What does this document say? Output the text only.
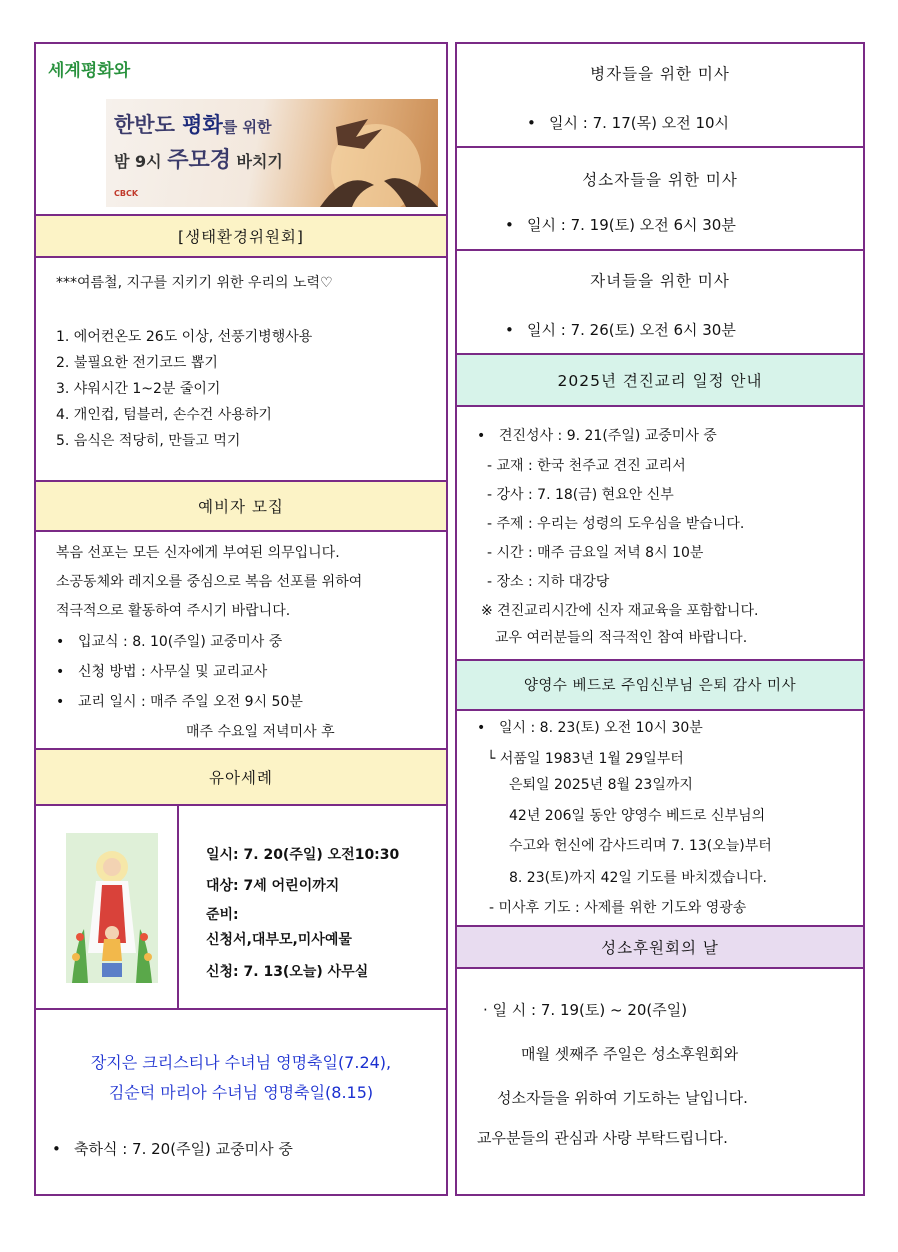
세계평화와
한반도 평화를 위한
밤 9시 주모경 바치기
CBCK
[생태환경위원회]
***여름철, 지구를 지키기 위한 우리의 노력♡
1. 에어컨온도 26도 이상, 선풍기병행사용
2. 불필요한 전기코드 뽑기
3. 샤워시간 1~2분 줄이기
4. 개인컵, 텀블러, 손수건 사용하기
5. 음식은 적당히, 만들고 먹기
예비자 모집
복음 선포는 모든 신자에게 부여된 의무입니다.
소공동체와 레지오를 중심으로 복음 선포를 위하여
적극적으로 활동하여 주시기 바랍니다.
• 입교식 : 8. 10(주일) 교중미사 중
• 신청 방법 : 사무실 및 교리교사
• 교리 일시 : 매주 주일 오전 9시 50분
매주 수요일 저녁미사 후
유아세례
일시: 7. 20(주일) 오전10:30
대상: 7세 어린이까지
준비:
신청서,대부모,미사예물
신청: 7. 13(오늘) 사무실
장지은 크리스티나 수녀님 영명축일(7.24),
김순덕 마리아 수녀님 영명축일(8.15)
• 축하식 : 7. 20(주일) 교중미사 중
병자들을 위한 미사
• 일시 : 7. 17(목) 오전 10시
성소자들을 위한 미사
• 일시 : 7. 19(토) 오전 6시 30분
자녀들을 위한 미사
• 일시 : 7. 26(토) 오전 6시 30분
2025년 견진교리 일정 안내
• 견진성사 : 9. 21(주일) 교중미사 중
- 교재 : 한국 천주교 견진 교리서
- 강사 : 7. 18(금) 현요안 신부
- 주제 : 우리는 성령의 도우심을 받습니다.
- 시간 : 매주 금요일 저녁 8시 10분
- 장소 : 지하 대강당
※ 견진교리시간에 신자 재교육을 포함합니다.
교우 여러분들의 적극적인 참여 바랍니다.
양영수 베드로 주임신부님 은퇴 감사 미사
• 일시 : 8. 23(토) 오전 10시 30분
└ 서품일 1983년 1월 29일부터
은퇴일 2025년 8월 23일까지
42년 206일 동안 양영수 베드로 신부님의
수고와 헌신에 감사드리며 7. 13(오늘)부터
8. 23(토)까지 42일 기도를 바치겠습니다.
- 미사후 기도 : 사제를 위한 기도와 영광송
성소후원회의 날
· 일 시 : 7. 19(토) ~ 20(주일)
매월 셋째주 주일은 성소후원회와
성소자들을 위하여 기도하는 날입니다.
교우분들의 관심과 사랑 부탁드립니다.
